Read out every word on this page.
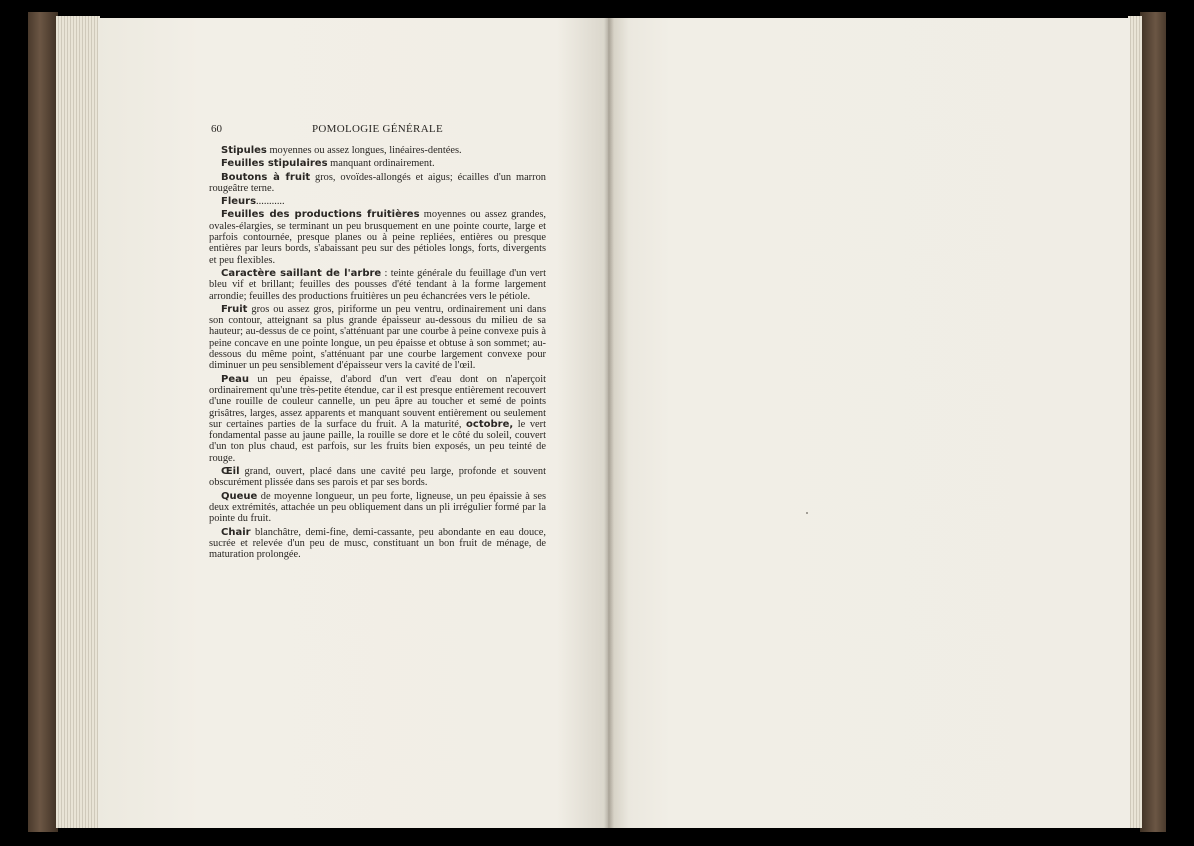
60	POMOLOGIE GÉNÉRALE

Stipules moyennes ou assez longues, linéaires-dentées.

Feuilles stipulaires manquant ordinairement.

Boutons à fruit gros, ovoïdes-allongés et aigus; écailles d'un marron rougeâtre terne.

Fleurs...........

Feuilles des productions fruitières moyennes ou assez grandes, ovales-élargies, se terminant un peu brusquement en une pointe courte, large et parfois contournée, presque planes ou à peine repliées, entières ou presque entières par leurs bords, s'abaissant peu sur des pétioles longs, forts, divergents et peu flexibles.

Caractère saillant de l'arbre : teinte générale du feuillage d'un vert bleu vif et brillant; feuilles des pousses d'été tendant à la forme largement arrondie; feuilles des productions fruitières un peu échancrées vers le pétiole.

Fruit gros ou assez gros, piriforme un peu ventru, ordinairement uni dans son contour, atteignant sa plus grande épaisseur au-dessous du milieu de sa hauteur; au-dessus de ce point, s'atténuant par une courbe à peine convexe puis à peine concave en une pointe longue, un peu épaisse et obtuse à son sommet; au-dessous du même point, s'atténuant par une courbe largement convexe pour diminuer un peu sensiblement d'épaisseur vers la cavité de l'œil.

Peau un peu épaisse, d'abord d'un vert d'eau dont on n'aperçoit ordinairement qu'une très-petite étendue, car il est presque entièrement recouvert d'une rouille de couleur cannelle, un peu âpre au toucher et semé de points grisâtres, larges, assez apparents et manquant souvent entièrement ou seulement sur certaines parties de la surface du fruit. A la maturité, octobre, le vert fondamental passe au jaune paille, la rouille se dore et le côté du soleil, couvert d'un ton plus chaud, est parfois, sur les fruits bien exposés, un peu teinté de rouge.

Œil grand, ouvert, placé dans une cavité peu large, profonde et souvent obscurément plissée dans ses parois et par ses bords.

Queue de moyenne longueur, un peu forte, ligneuse, un peu épaissie à ses deux extrémités, attachée un peu obliquement dans un pli irrégulier formé par la pointe du fruit.

Chair blanchâtre, demi-fine, demi-cassante, peu abondante en eau douce, sucrée et relevée d'un peu de musc, constituant un bon fruit de ménage, de maturation prolongée.
